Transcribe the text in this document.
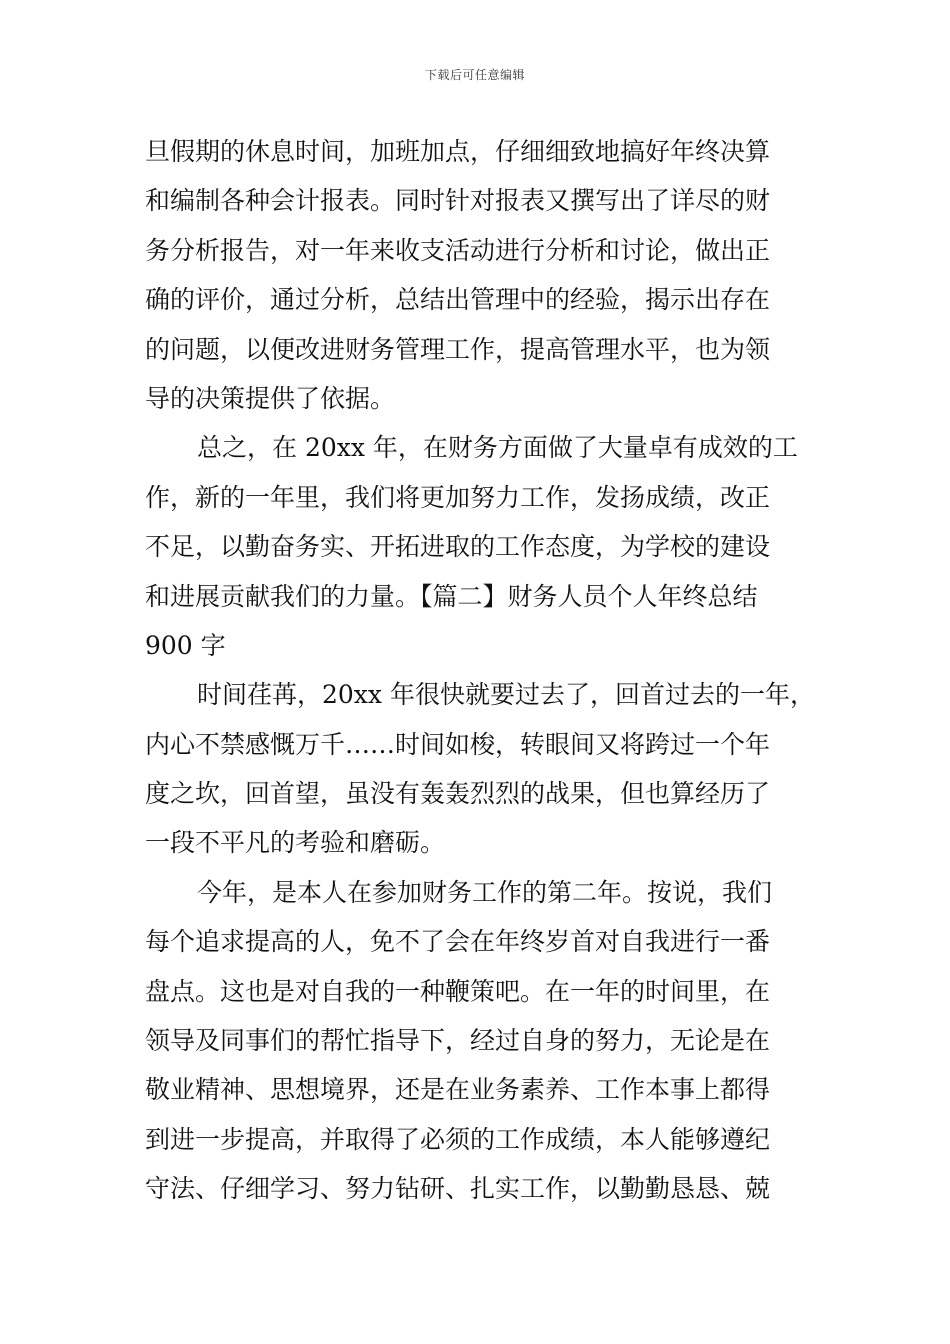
下载后可任意编辑
旦假期的休息时间，加班加点，仔细细致地搞好年终决算
和编制各种会计报表。同时针对报表又撰写出了详尽的财
务分析报告，对一年来收支活动进行分析和讨论，做出正
确的评价，通过分析，总结出管理中的经验，揭示出存在
的问题，以便改进财务管理工作，提高管理水平，也为领
导的决策提供了依据。
总之，在 20xx 年，在财务方面做了大量卓有成效的工
作，新的一年里，我们将更加努力工作，发扬成绩，改正
不足，以勤奋务实、开拓进取的工作态度，为学校的建设
和进展贡献我们的力量。【篇二】财务人员个人年终总结
900 字
时间荏苒，20xx 年很快就要过去了，回首过去的一年，
内心不禁感慨万千……时间如梭，转眼间又将跨过一个年
度之坎，回首望，虽没有轰轰烈烈的战果，但也算经历了
一段不平凡的考验和磨砺。
今年，是本人在参加财务工作的第二年。按说，我们
每个追求提高的人，免不了会在年终岁首对自我进行一番
盘点。这也是对自我的一种鞭策吧。在一年的时间里，在
领导及同事们的帮忙指导下，经过自身的努力，无论是在
敬业精神、思想境界，还是在业务素养、工作本事上都得
到进一步提高，并取得了必须的工作成绩，本人能够遵纪
守法、仔细学习、努力钻研、扎实工作，以勤勤恳恳、兢
